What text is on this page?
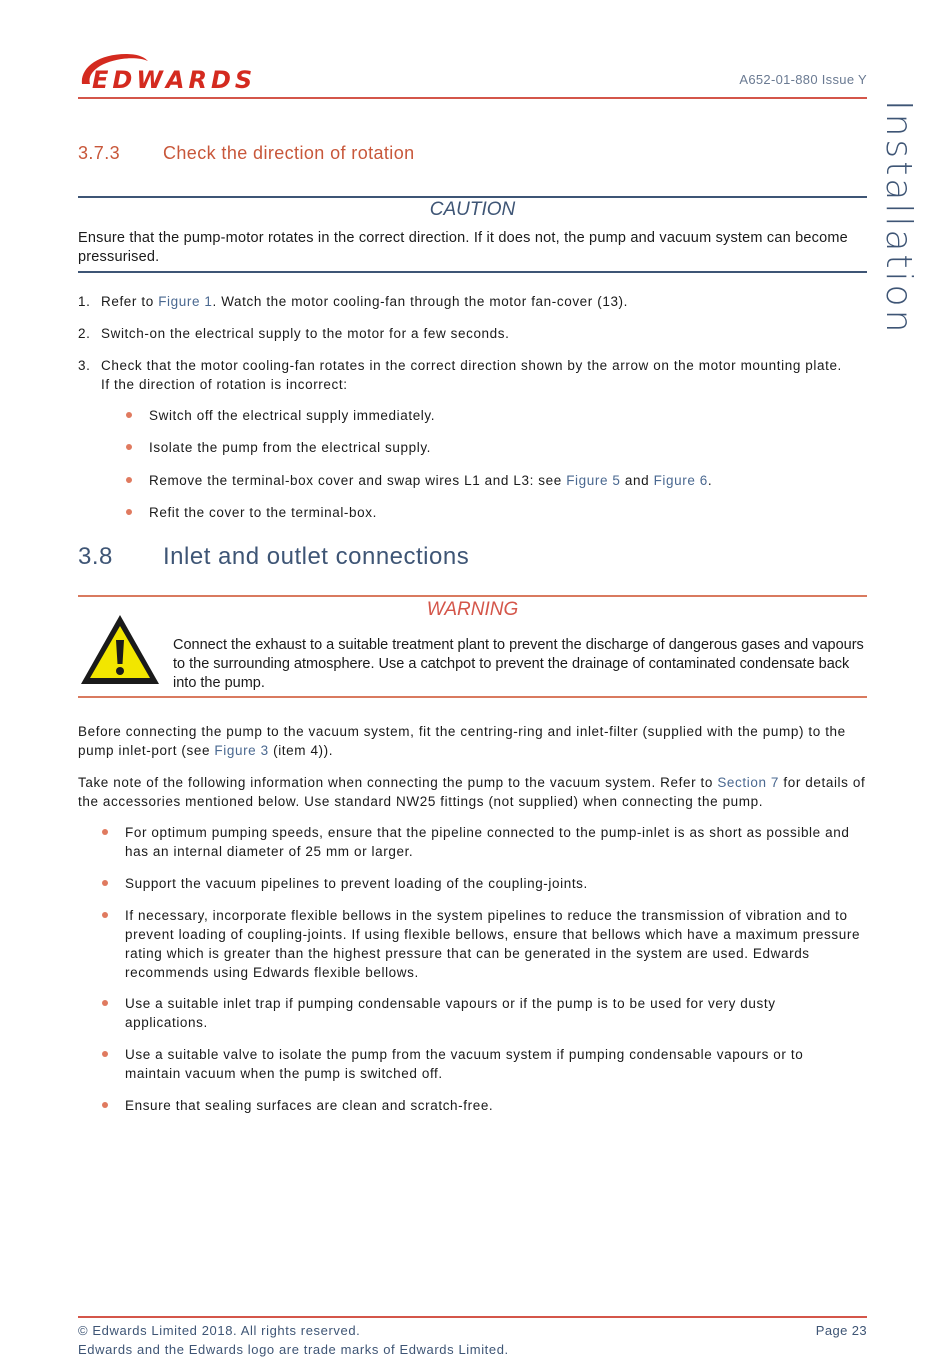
EDWARDS	A652-01-880 Issue Y
Installation
3.7.3 Check the direction of rotation
CAUTION
Ensure that the pump-motor rotates in the correct direction. If it does not, the pump and vacuum system can become pressurised.
1. Refer to Figure 1. Watch the motor cooling-fan through the motor fan-cover (13).
2. Switch-on the electrical supply to the motor for a few seconds.
3. Check that the motor cooling-fan rotates in the correct direction shown by the arrow on the motor mounting plate. If the direction of rotation is incorrect:
Switch off the electrical supply immediately.
Isolate the pump from the electrical supply.
Remove the terminal-box cover and swap wires L1 and L3: see Figure 5 and Figure 6.
Refit the cover to the terminal-box.
3.8 Inlet and outlet connections
WARNING
Connect the exhaust to a suitable treatment plant to prevent the discharge of dangerous gases and vapours to the surrounding atmosphere. Use a catchpot to prevent the drainage of contaminated condensate back into the pump.
Before connecting the pump to the vacuum system, fit the centring-ring and inlet-filter (supplied with the pump) to the pump inlet-port (see Figure 3 (item 4)).
Take note of the following information when connecting the pump to the vacuum system. Refer to Section 7 for details of the accessories mentioned below. Use standard NW25 fittings (not supplied) when connecting the pump.
For optimum pumping speeds, ensure that the pipeline connected to the pump-inlet is as short as possible and has an internal diameter of 25 mm or larger.
Support the vacuum pipelines to prevent loading of the coupling-joints.
If necessary, incorporate flexible bellows in the system pipelines to reduce the transmission of vibration and to prevent loading of coupling-joints. If using flexible bellows, ensure that bellows which have a maximum pressure rating which is greater than the highest pressure that can be generated in the system are used. Edwards recommends using Edwards flexible bellows.
Use a suitable inlet trap if pumping condensable vapours or if the pump is to be used for very dusty applications.
Use a suitable valve to isolate the pump from the vacuum system if pumping condensable vapours or to maintain vacuum when the pump is switched off.
Ensure that sealing surfaces are clean and scratch-free.
© Edwards Limited 2018. All rights reserved.
Edwards and the Edwards logo are trade marks of Edwards Limited.
Page 23
